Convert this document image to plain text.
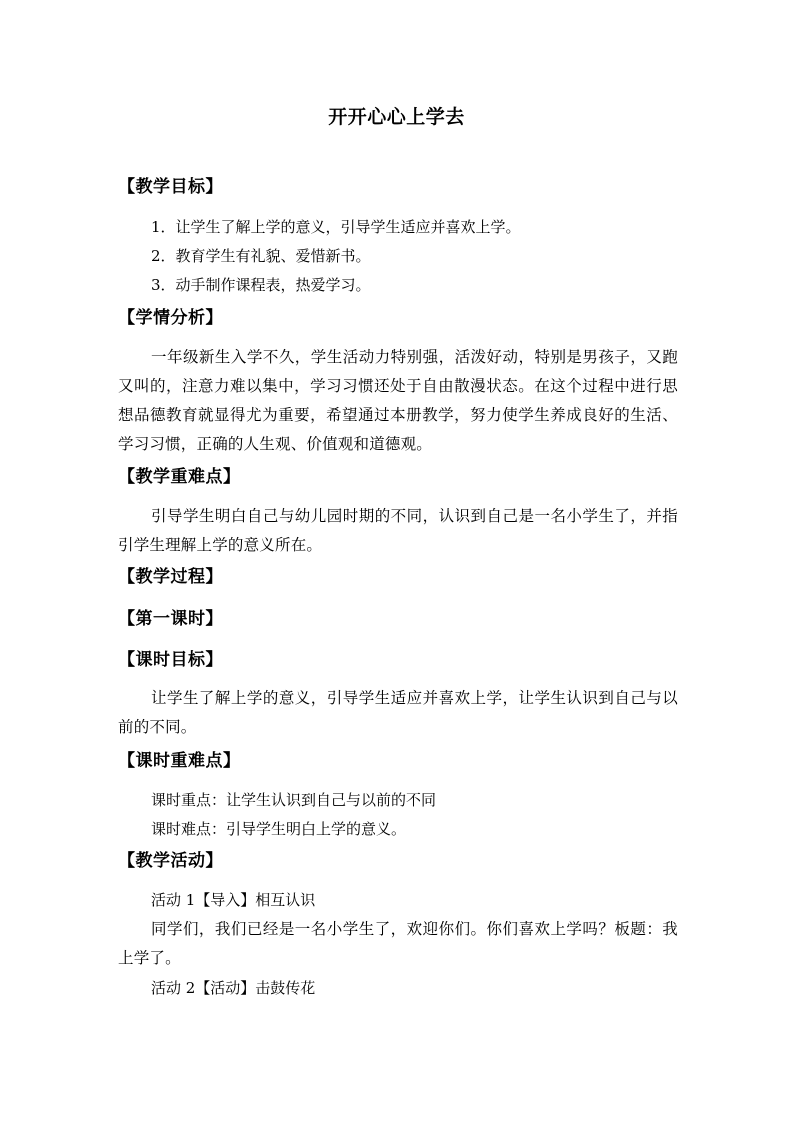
开开心心上学去
【教学目标】
1．让学生了解上学的意义，引导学生适应并喜欢上学。
2．教育学生有礼貌、爱惜新书。
3．动手制作课程表，热爱学习。
【学情分析】
一年级新生入学不久，学生活动力特别强，活泼好动，特别是男孩子，又跑又叫的，注意力难以集中，学习习惯还处于自由散漫状态。在这个过程中进行思想品德教育就显得尤为重要，希望通过本册教学，努力使学生养成良好的生活、学习习惯，正确的人生观、价值观和道德观。
【教学重难点】
引导学生明白自己与幼儿园时期的不同，认识到自己是一名小学生了，并指引学生理解上学的意义所在。
【教学过程】
【第一课时】
【课时目标】
让学生了解上学的意义，引导学生适应并喜欢上学，让学生认识到自己与以前的不同。
【课时重难点】
课时重点：让学生认识到自己与以前的不同
课时难点：引导学生明白上学的意义。
【教学活动】
活动 1【导入】相互认识
同学们，我们已经是一名小学生了，欢迎你们。你们喜欢上学吗？板题：我上学了。
活动 2【活动】击鼓传花
